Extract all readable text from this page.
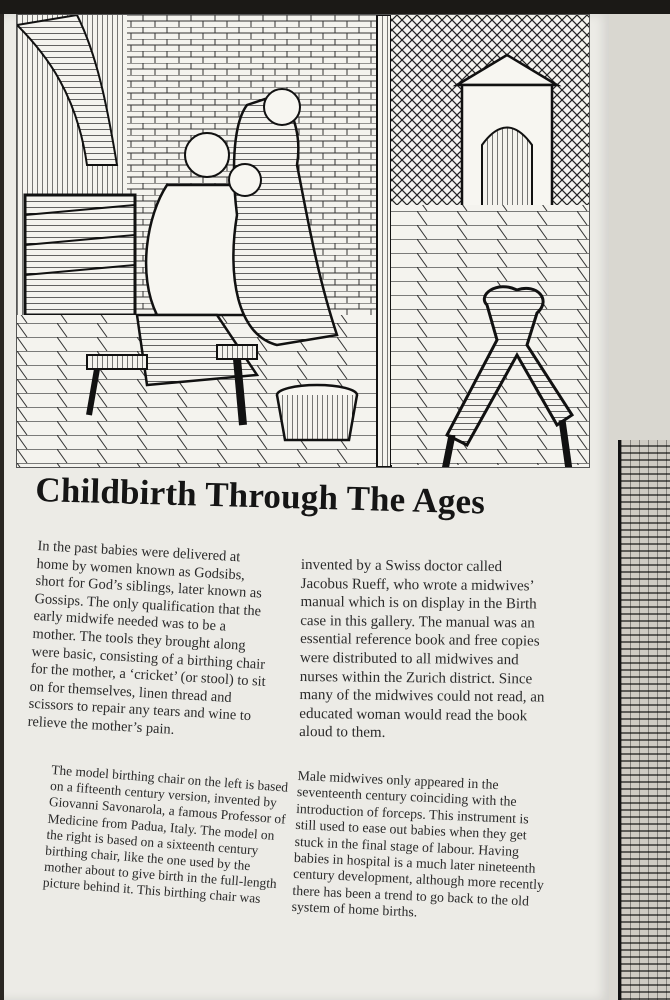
Childbirth Through The Ages

In the past babies were delivered at home by women known as Godsibs, short for God’s siblings, later known as Gossips. The only qualification that the early midwife needed was to be a mother. The tools they brought along were basic, consisting of a birthing chair for the mother, a ‘cricket’ (or stool) to sit on for themselves, linen thread and scissors to repair any tears and wine to relieve the mother’s pain.

The model birthing chair on the left is based on a fifteenth century version, invented by Giovanni Savonarola, a famous Professor of Medicine from Padua, Italy. The model on the right is based on a sixteenth century birthing chair, like the one used by the mother about to give birth in the full-length picture behind it. This birthing chair was

invented by a Swiss doctor called Jacobus Rueff, who wrote a midwives’ manual which is on display in the Birth case in this gallery. The manual was an essential reference book and free copies were distributed to all midwives and nurses within the Zurich district. Since many of the midwives could not read, an educated woman would read the book aloud to them.

Male midwives only appeared in the seventeenth century coinciding with the introduction of forceps. This instrument is still used to ease out babies when they get stuck in the final stage of labour. Having babies in hospital is a much later nineteenth century development, although more recently there has been a trend to go back to the old system of home births.
